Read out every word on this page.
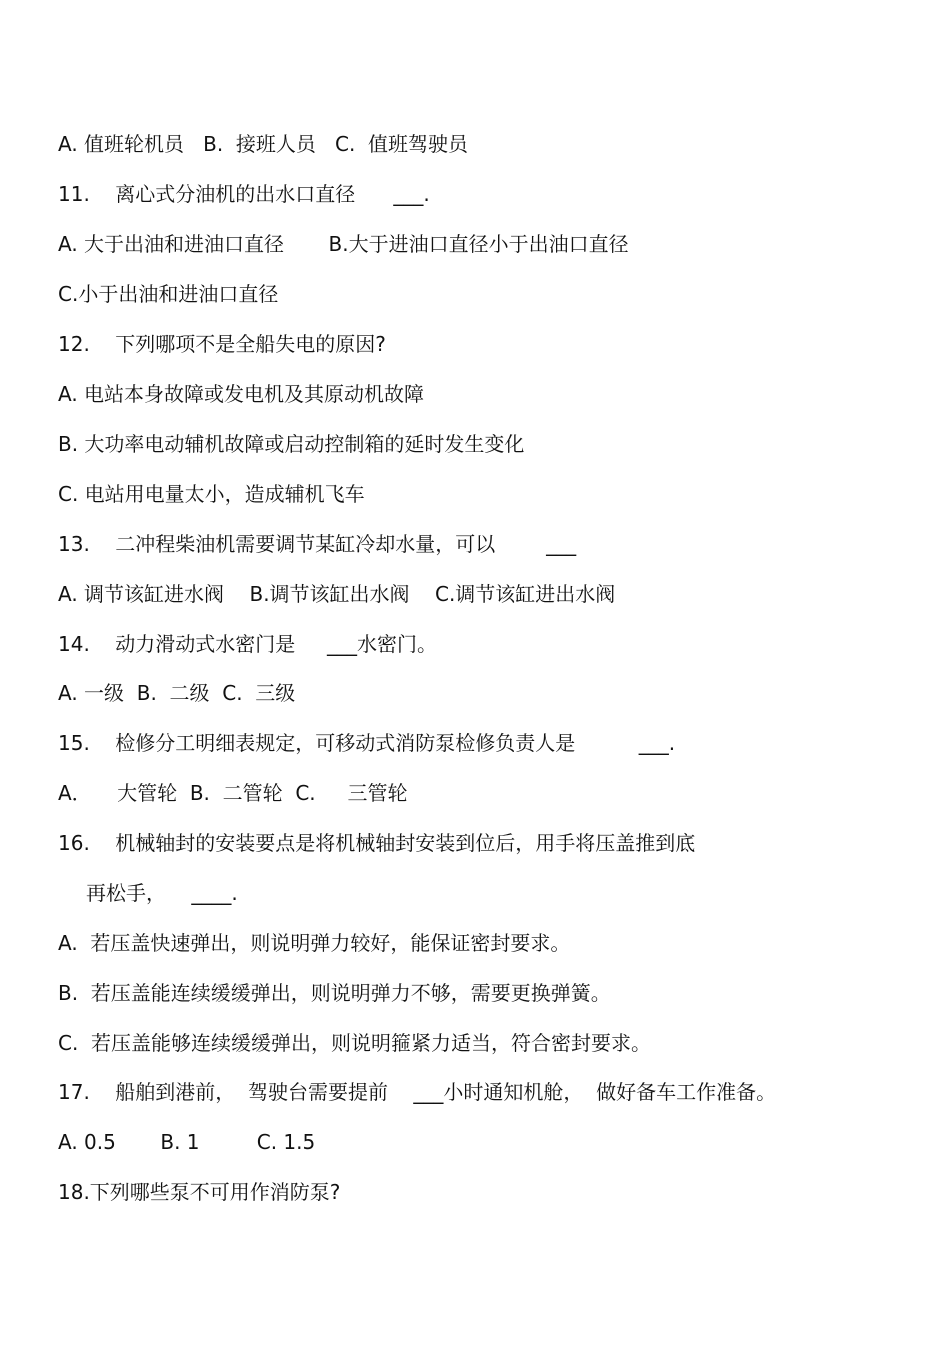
A. 值班轮机员   B.  接班人员   C.  值班驾驶员
11.    离心式分油机的出水口直径      ___.
A. 大于出油和进油口直径       B.大于进油口直径小于出油口直径
C.小于出油和进油口直径
12.    下列哪项不是全船失电的原因?
A. 电站本身故障或发电机及其原动机故障
B. 大功率电动辅机故障或启动控制箱的延时发生变化
C. 电站用电量太小，造成辅机飞车
13.    二冲程柴油机需要调节某缸冷却水量，可以        ___
A. 调节该缸进水阀    B.调节该缸出水阀    C.调节该缸进出水阀
14.    动力滑动式水密门是     ___水密门。
A. 一级  B.  二级  C.  三级
15.    检修分工明细表规定，可移动式消防泵检修负责人是          ___.
A．    大管轮  B.  二管轮  C.     三管轮
16.    机械轴封的安装要点是将机械轴封安装到位后，用手将压盖推到底
再松手，    ____.
A.  若压盖快速弹出，则说明弹力较好，能保证密封要求。
B.  若压盖能连续缓缓弹出，则说明弹力不够，需要更换弹簧。
C.  若压盖能够连续缓缓弹出，则说明箍紧力适当，符合密封要求。
17.    船舶到港前，  驾驶台需要提前    ___小时通知机舱，  做好备车工作准备。
A. 0.5       B. 1         C. 1.5
18.下列哪些泵不可用作消防泵?
